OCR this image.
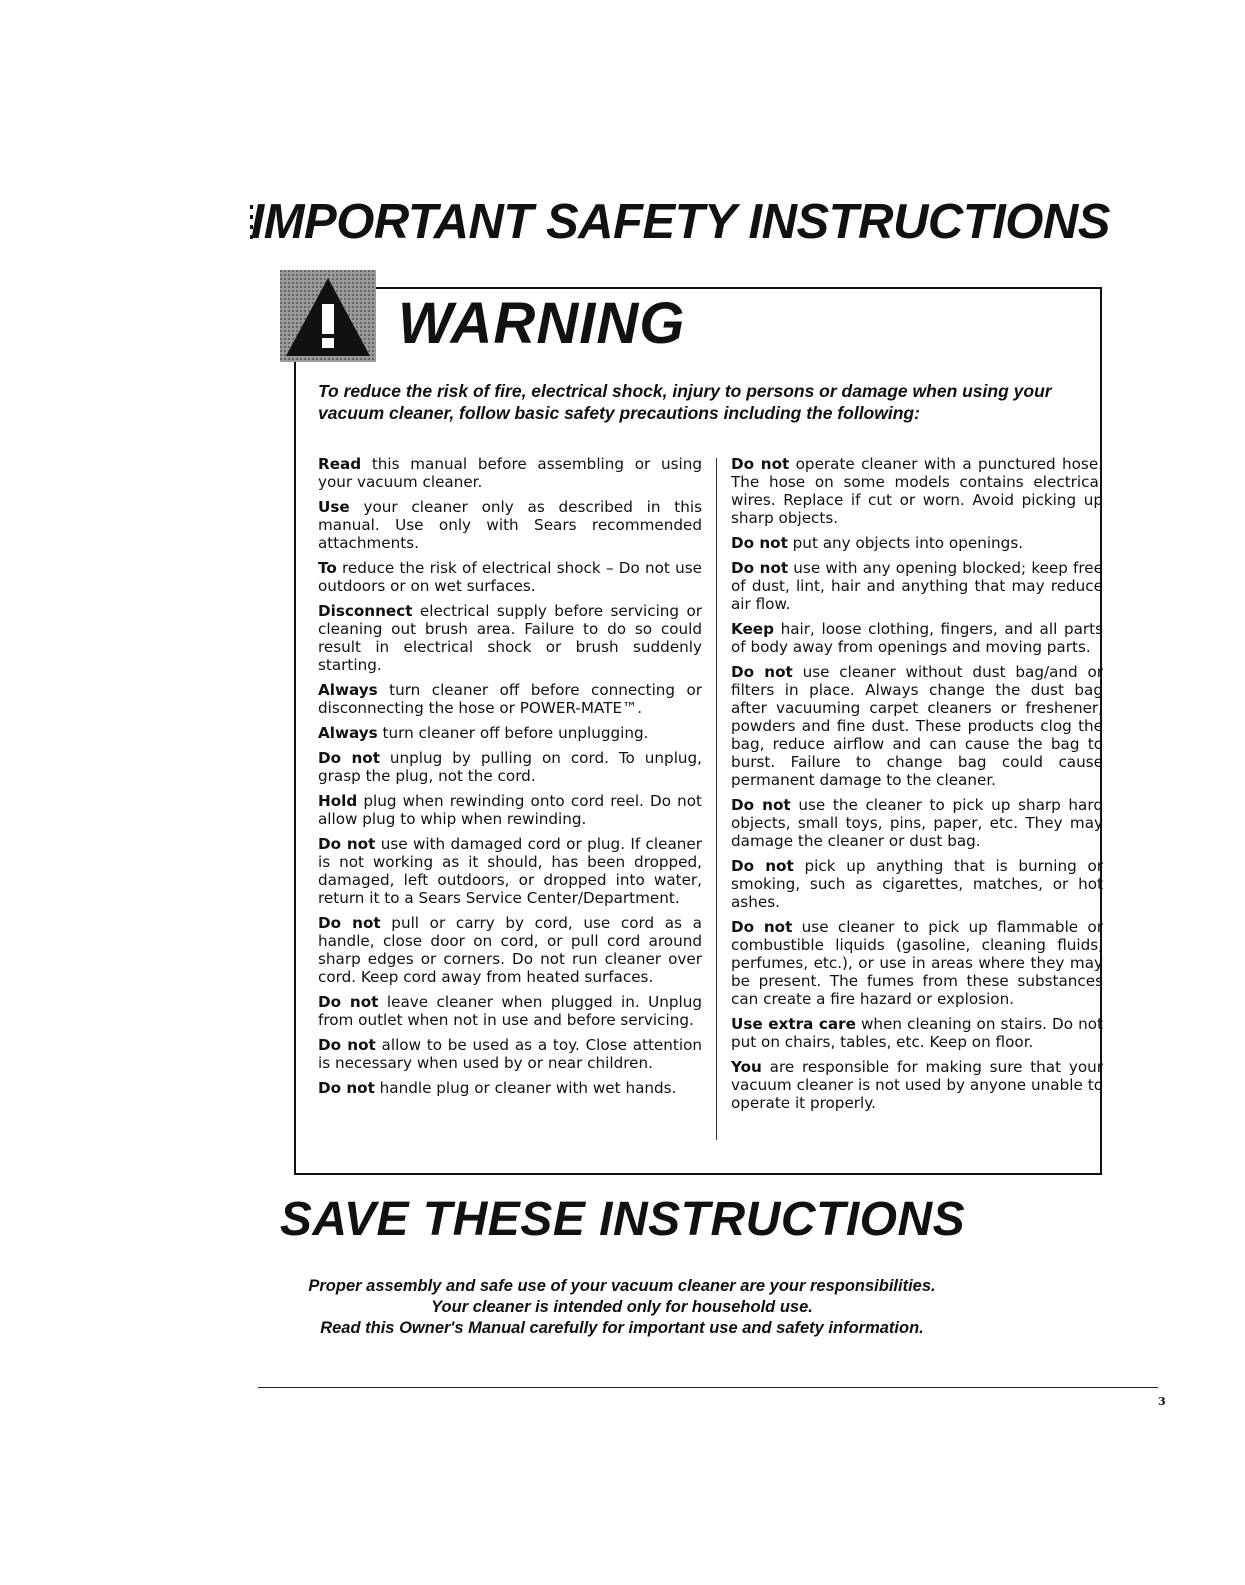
IMPORTANT SAFETY INSTRUCTIONS
WARNING
To reduce the risk of fire, electrical shock, injury to persons or damage when using your vacuum cleaner, follow basic safety precautions including the following:
Read this manual before assembling or using your vacuum cleaner.
Use your cleaner only as described in this manual. Use only with Sears recommended attachments.
To reduce the risk of electrical shock – Do not use outdoors or on wet surfaces.
Disconnect electrical supply before servicing or cleaning out brush area. Failure to do so could result in electrical shock or brush suddenly starting.
Always turn cleaner off before connecting or disconnecting the hose or POWER-MATE™.
Always turn cleaner off before unplugging.
Do not unplug by pulling on cord. To unplug, grasp the plug, not the cord.
Hold plug when rewinding onto cord reel. Do not allow plug to whip when rewinding.
Do not use with damaged cord or plug. If cleaner is not working as it should, has been dropped, damaged, left outdoors, or dropped into water, return it to a Sears Service Center/Department.
Do not pull or carry by cord, use cord as a handle, close door on cord, or pull cord around sharp edges or corners. Do not run cleaner over cord. Keep cord away from heated surfaces.
Do not leave cleaner when plugged in. Unplug from outlet when not in use and before servicing.
Do not allow to be used as a toy. Close attention is necessary when used by or near children.
Do not handle plug or cleaner with wet hands.
Do not operate cleaner with a punctured hose. The hose on some models contains electrical wires. Replace if cut or worn. Avoid picking up sharp objects.
Do not put any objects into openings.
Do not use with any opening blocked; keep free of dust, lint, hair and anything that may reduce air flow.
Keep hair, loose clothing, fingers, and all parts of body away from openings and moving parts.
Do not use cleaner without dust bag/and or filters in place. Always change the dust bag after vacuuming carpet cleaners or freshener, powders and fine dust. These products clog the bag, reduce airflow and can cause the bag to burst. Failure to change bag could cause permanent damage to the cleaner.
Do not use the cleaner to pick up sharp hard objects, small toys, pins, paper, etc. They may damage the cleaner or dust bag.
Do not pick up anything that is burning or smoking, such as cigarettes, matches, or hot ashes.
Do not use cleaner to pick up flammable or combustible liquids (gasoline, cleaning fluids, perfumes, etc.), or use in areas where they may be present. The fumes from these substances can create a fire hazard or explosion.
Use extra care when cleaning on stairs. Do not put on chairs, tables, etc. Keep on floor.
You are responsible for making sure that your vacuum cleaner is not used by anyone unable to operate it properly.
SAVE THESE INSTRUCTIONS
Proper assembly and safe use of your vacuum cleaner are your responsibilities.
Your cleaner is intended only for household use.
Read this Owner's Manual carefully for important use and safety information.
3
